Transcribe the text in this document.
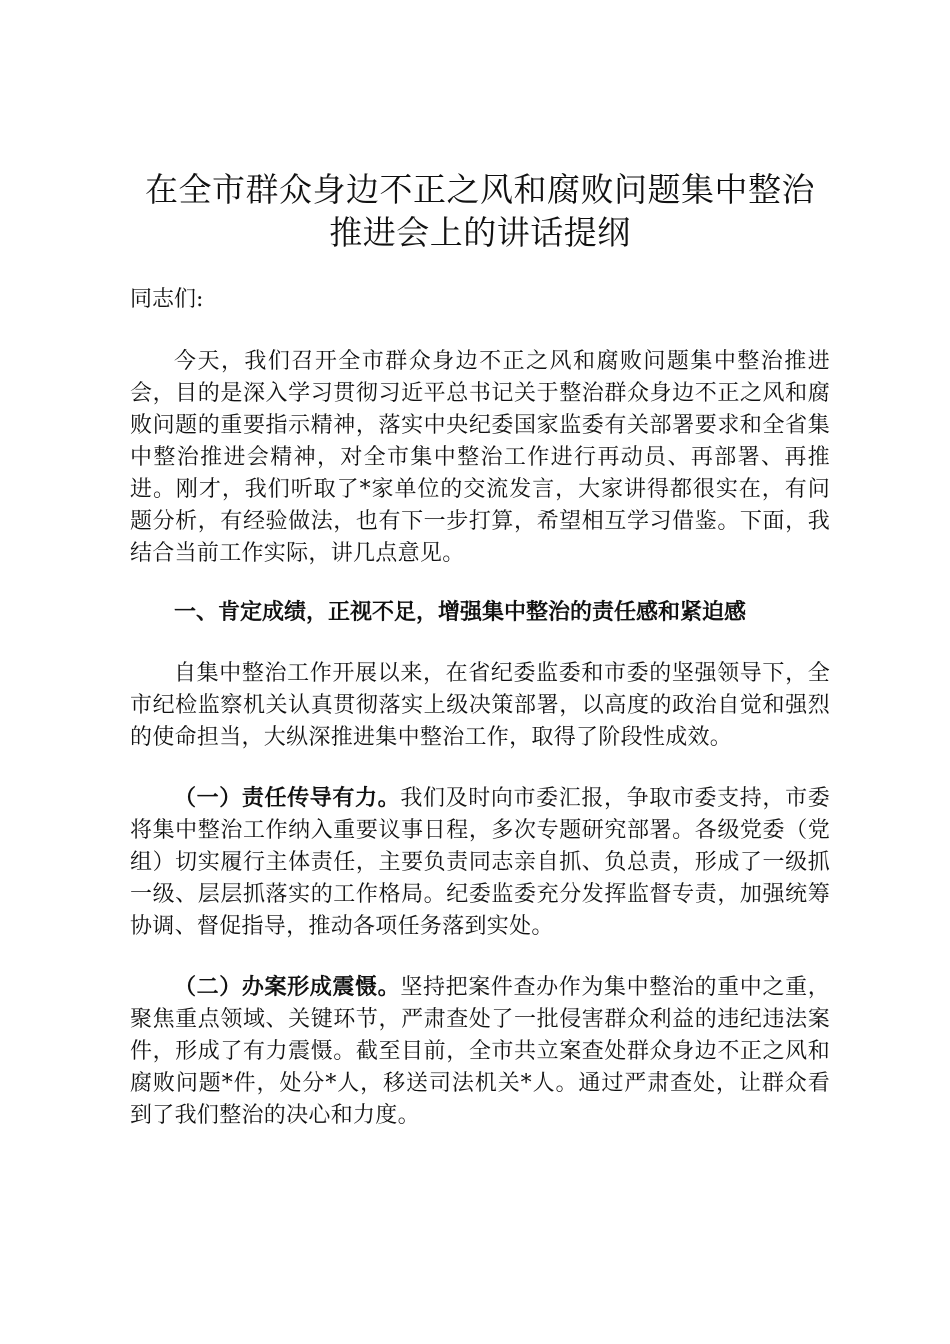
在全市群众身边不正之风和腐败问题集中整治
推进会上的讲话提纲

同志们:

今天，我们召开全市群众身边不正之风和腐败问题集中整治推进会，目的是深入学习贯彻习近平总书记关于整治群众身边不正之风和腐败问题的重要指示精神，落实中央纪委国家监委有关部署要求和全省集中整治推进会精神，对全市集中整治工作进行再动员、再部署、再推进。刚才，我们听取了*家单位的交流发言，大家讲得都很实在，有问题分析，有经验做法，也有下一步打算，希望相互学习借鉴。下面，我结合当前工作实际，讲几点意见。

一、肯定成绩，正视不足，增强集中整治的责任感和紧迫感

自集中整治工作开展以来，在省纪委监委和市委的坚强领导下，全市纪检监察机关认真贯彻落实上级决策部署，以高度的政治自觉和强烈的使命担当，大纵深推进集中整治工作，取得了阶段性成效。

（一）责任传导有力。我们及时向市委汇报，争取市委支持，市委将集中整治工作纳入重要议事日程，多次专题研究部署。各级党委（党组）切实履行主体责任，主要负责同志亲自抓、负总责，形成了一级抓一级、层层抓落实的工作格局。纪委监委充分发挥监督专责，加强统筹协调、督促指导，推动各项任务落到实处。

（二）办案形成震慑。坚持把案件查办作为集中整治的重中之重，聚焦重点领域、关键环节，严肃查处了一批侵害群众利益的违纪违法案件，形成了有力震慑。截至目前，全市共立案查处群众身边不正之风和腐败问题*件，处分*人，移送司法机关*人。通过严肃查处，让群众看到了我们整治的决心和力度。
